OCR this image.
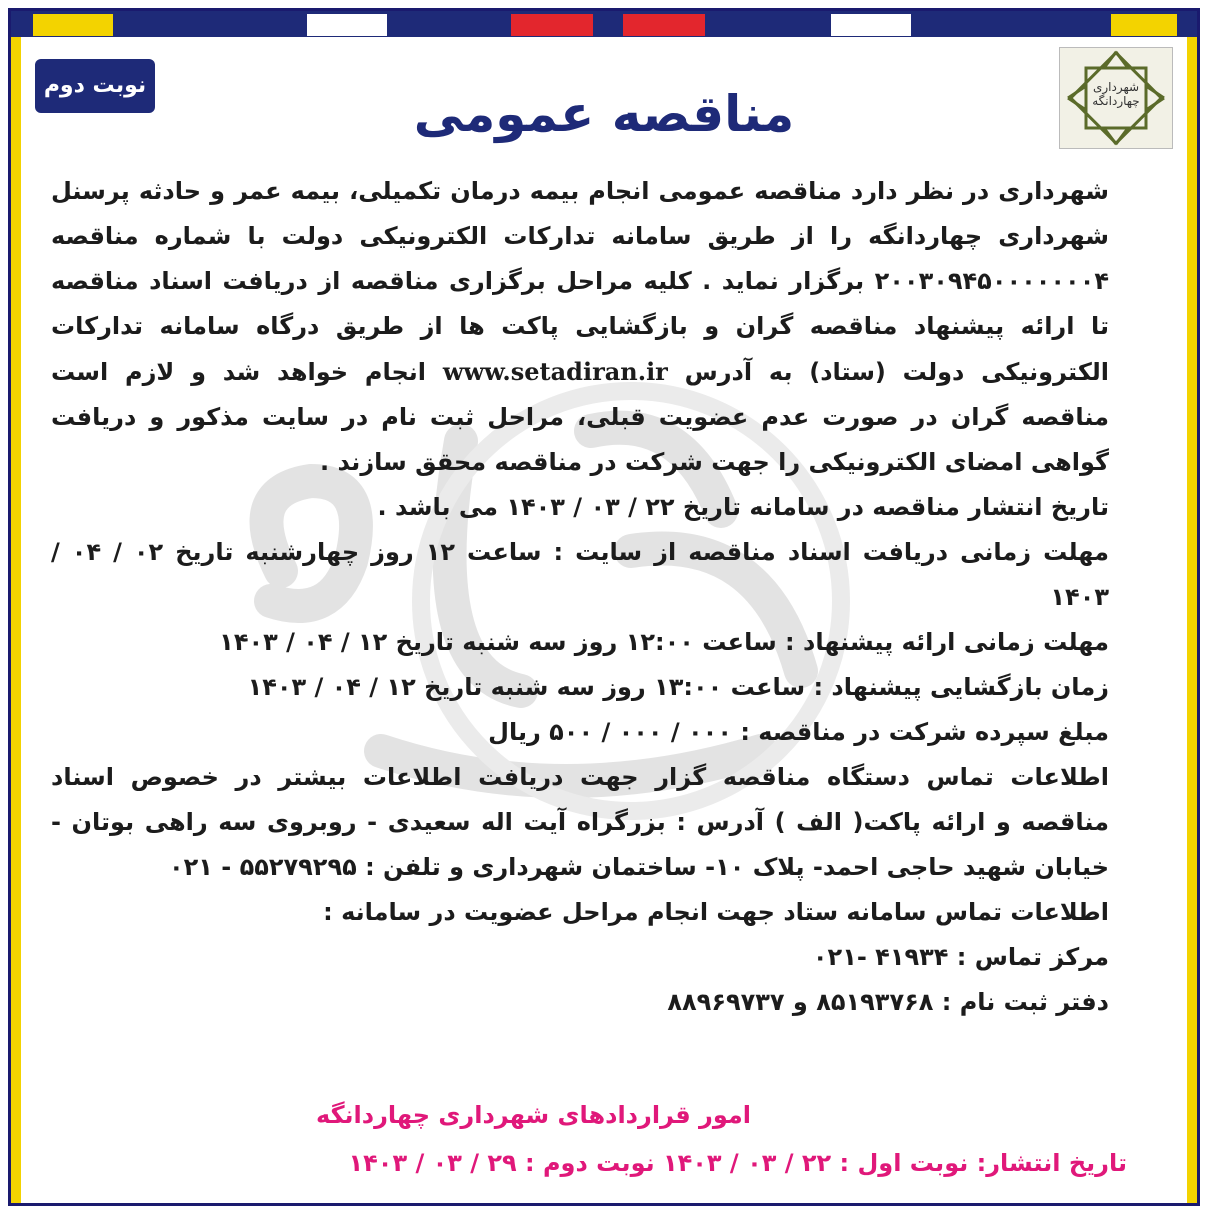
نوبت دوم	شهرداری
چهاردانگه
مناقصه عمومی

شهرداری در نظر دارد مناقصه عمومی انجام بیمه درمان تکمیلی، بیمه عمر و حادثه پرسنل شهرداری چهاردانگه را از طریق سامانه تدارکات الکترونیکی دولت با شماره مناقصه ۲۰۰۳۰۹۴۵۰۰۰۰۰۰۰۴ برگزار نماید . کلیه مراحل برگزاری مناقصه از دریافت اسناد مناقصه تا ارائه پیشنهاد مناقصه گران و بازگشایی پاکت ها از طریق درگاه سامانه تدارکات الکترونیکی دولت (ستاد) به آدرس www.setadiran.ir انجام خواهد شد و لازم است مناقصه گران در صورت عدم عضویت قبلی، مراحل ثبت نام در سایت مذکور و دریافت گواهی امضای الکترونیکی را جهت شرکت در مناقصه محقق سازند .

تاریخ انتشار مناقصه در سامانه تاریخ ۲۲ / ۰۳ / ۱۴۰۳ می باشد .

مهلت زمانی دریافت اسناد مناقصه از سایت : ساعت ۱۲ روز چهارشنبه تاریخ ۰۲ / ۰۴ / ۱۴۰۳

مهلت زمانی ارائه پیشنهاد : ساعت ۱۲:۰۰ روز سه شنبه تاریخ ۱۲ / ۰۴ / ۱۴۰۳

زمان بازگشایی پیشنهاد : ساعت ۱۳:۰۰ روز سه شنبه تاریخ ۱۲ / ۰۴ / ۱۴۰۳

مبلغ سپرده شرکت در مناقصه : ۰۰۰ / ۰۰۰ / ۵۰۰ ریال

اطلاعات تماس دستگاه مناقصه گزار جهت دریافت اطلاعات بیشتر در خصوص اسناد مناقصه و ارائه پاکت( الف ) آدرس : بزرگراه آیت اله سعیدی - روبروی سه راهی بوتان - خیابان شهید حاجی احمد- پلاک ۱۰- ساختمان شهرداری و تلفن : ۵۵۲۷۹۲۹۵ - ۰۲۱

اطلاعات تماس سامانه ستاد جهت انجام مراحل عضویت در سامانه :

مرکز تماس : ۴۱۹۳۴ -۰۲۱

دفتر ثبت نام : ۸۵۱۹۳۷۶۸ و ۸۸۹۶۹۷۳۷

امور قراردادهای شهرداری چهاردانگه
تاریخ انتشار: نوبت اول : ۲۲ / ۰۳ / ۱۴۰۳ نوبت دوم : ۲۹ / ۰۳ / ۱۴۰۳
